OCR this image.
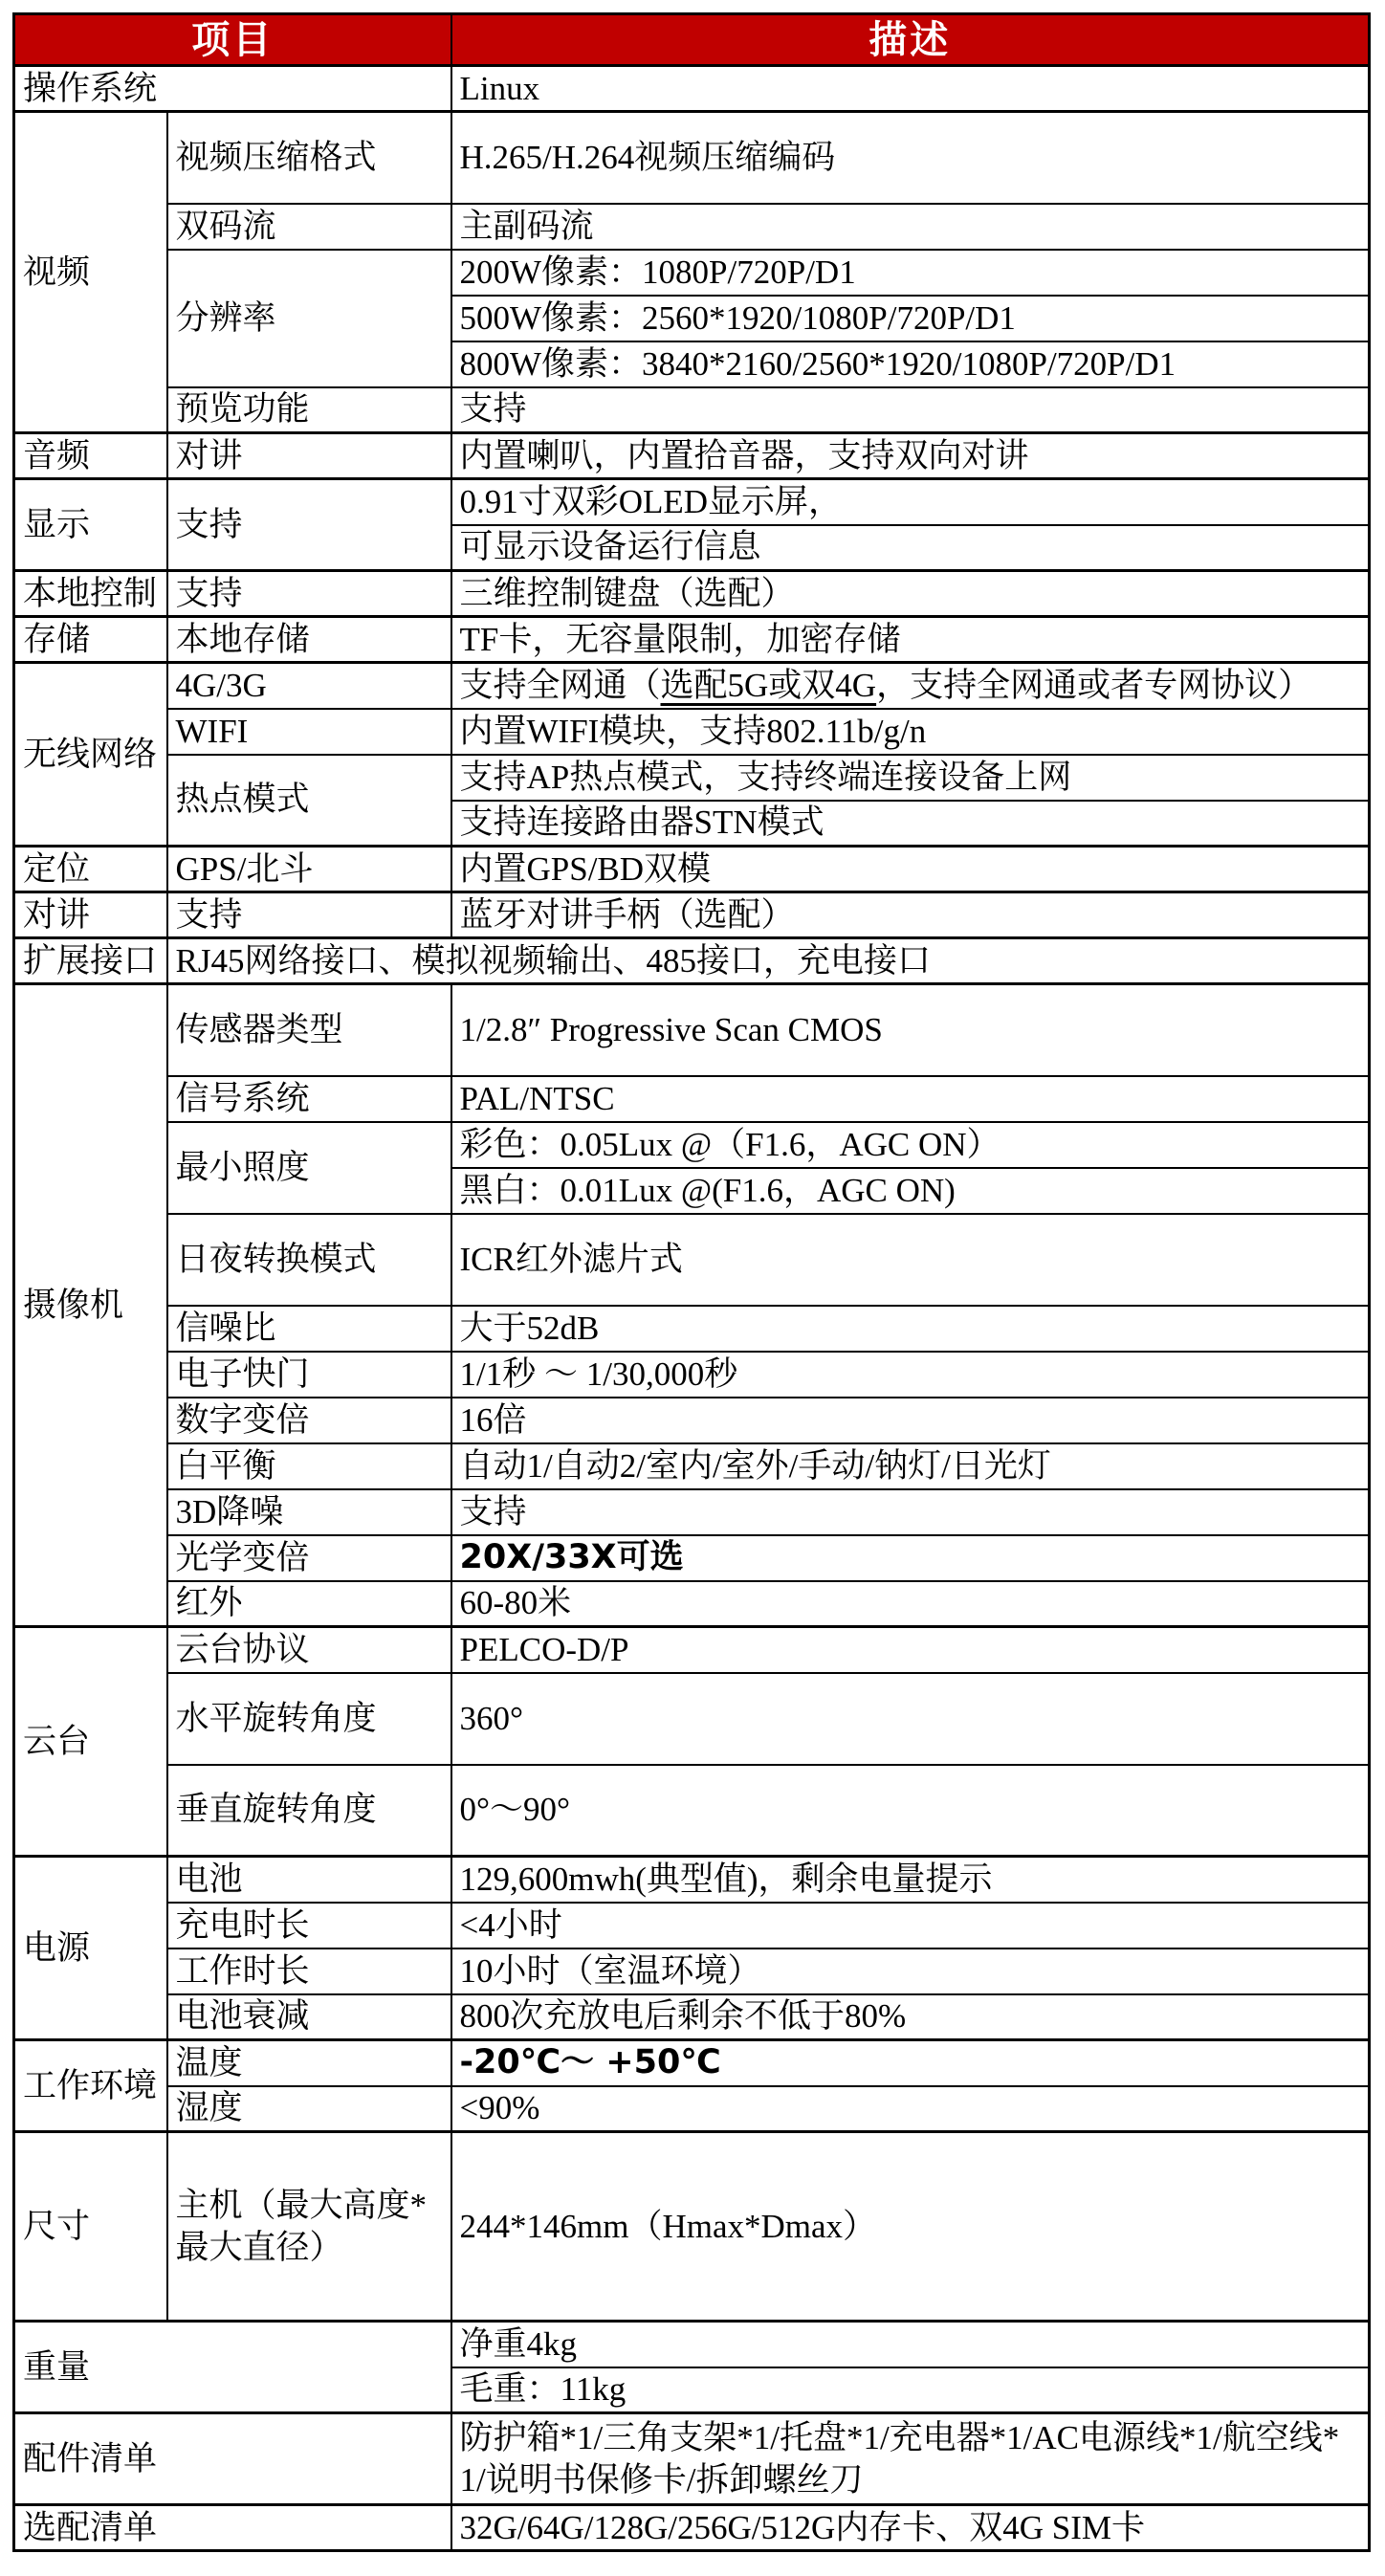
项目		描述
操作系统		Linux
视频	视频压缩格式	H.265/H.264视频压缩编码
	双码流	主副码流
	分辨率	200W像素：1080P/720P/D1
		500W像素：2560*1920/1080P/720P/D1
		800W像素：3840*2160/2560*1920/1080P/720P/D1
	预览功能	支持
音频	对讲	内置喇叭，内置拾音器，支持双向对讲
显示	支持	0.91寸双彩OLED显示屏，
		可显示设备运行信息
本地控制	支持	三维控制键盘（选配）
存储	本地存储	TF卡，无容量限制，加密存储
无线网络	4G/3G	支持全网通（选配5G或双4G，支持全网通或者专网协议）
	WIFI	内置WIFI模块，支持802.11b/g/n
	热点模式	支持AP热点模式，支持终端连接设备上网
		支持连接路由器STN模式
定位	GPS/北斗	内置GPS/BD双模
对讲	支持	蓝牙对讲手柄（选配）
扩展接口	RJ45网络接口、模拟视频输出、485接口，充电接口	
摄像机	传感器类型	1/2.8″ Progressive Scan CMOS
	信号系统	PAL/NTSC
	最小照度	彩色：0.05Lux @（F1.6，AGC ON）
		黑白：0.01Lux @(F1.6，AGC ON)
	日夜转换模式	ICR红外滤片式
	信噪比	大于52dB
	电子快门	1/1秒 ～ 1/30,000秒
	数字变倍	16倍
	白平衡	自动1/自动2/室内/室外/手动/钠灯/日光灯
	3D降噪	支持
	光学变倍	20X/33X可选
	红外	60-80米
云台	云台协议	PELCO-D/P
	水平旋转角度	360°
	垂直旋转角度	0°～90°
电源	电池	129,600mwh(典型值)，剩余电量提示
	充电时长	<4小时
	工作时长	10小时（室温环境）
	电池衰减	800次充放电后剩余不低于80%
工作环境	温度	-20℃～ +50℃
	湿度	<90%
尺寸	主机（最大高度*最大直径）	244*146mm（Hmax*Dmax）
重量		净重4kg
		毛重：11kg
配件清单		防护箱*1/三角支架*1/托盘*1/充电器*1/AC电源线*1/航空线*1/说明书保修卡/拆卸螺丝刀
选配清单		32G/64G/128G/256G/512G内存卡、双4G SIM卡
